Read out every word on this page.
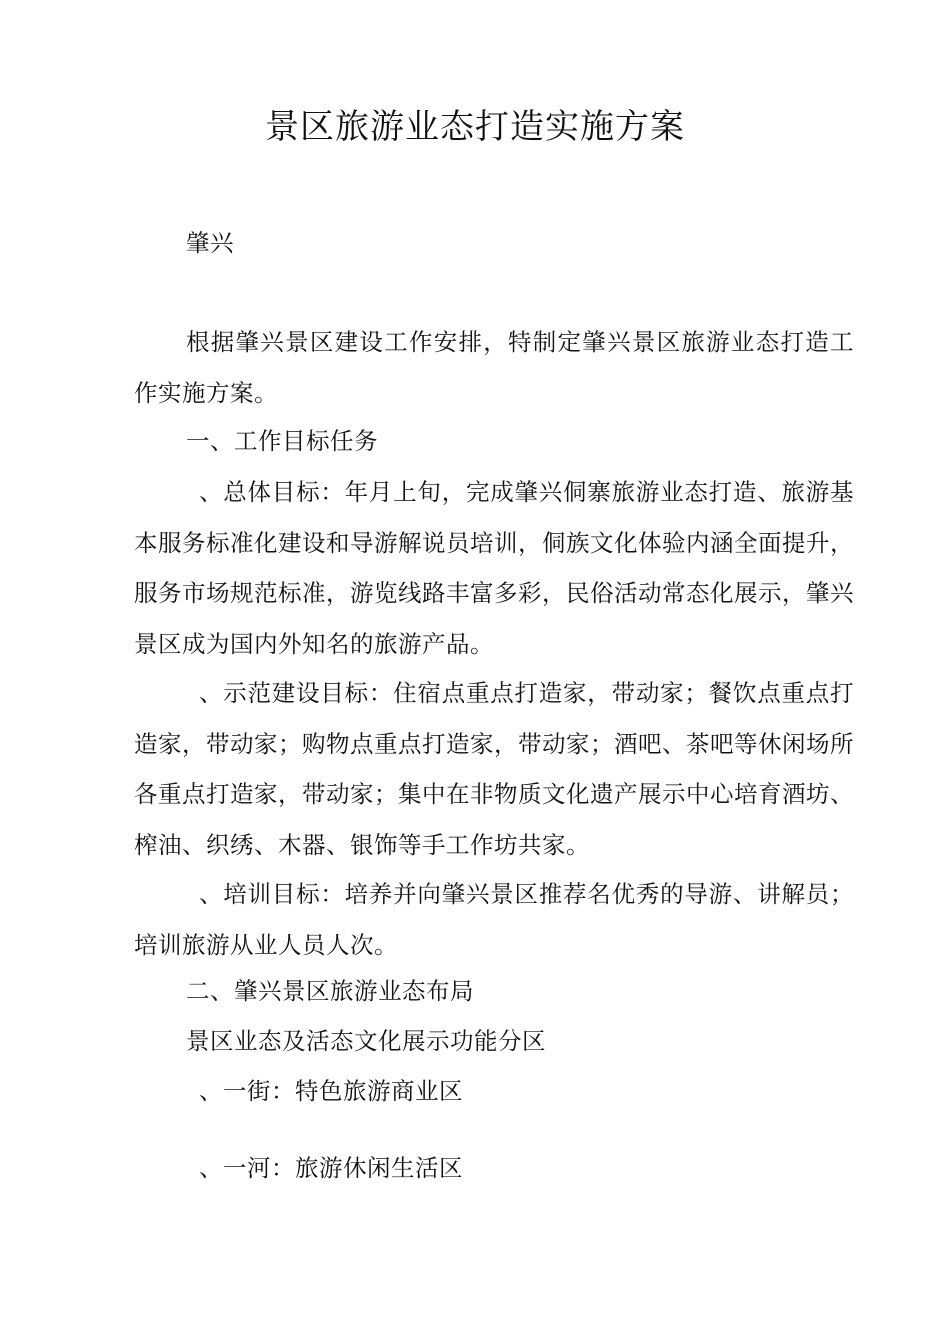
景区旅游业态打造实施方案
肇兴
根据肇兴景区建设工作安排，特制定肇兴景区旅游业态打造工作实施方案。
一、工作目标任务
、总体目标：年月上旬，完成肇兴侗寨旅游业态打造、旅游基本服务标准化建设和导游解说员培训，侗族文化体验内涵全面提升，服务市场规范标准，游览线路丰富多彩，民俗活动常态化展示，肇兴景区成为国内外知名的旅游产品。
、示范建设目标：住宿点重点打造家，带动家；餐饮点重点打造家，带动家；购物点重点打造家，带动家；酒吧、茶吧等休闲场所各重点打造家，带动家；集中在非物质文化遗产展示中心培育酒坊、榨油、织绣、木器、银饰等手工作坊共家。
、培训目标：培养并向肇兴景区推荐名优秀的导游、讲解员；培训旅游从业人员人次。
二、肇兴景区旅游业态布局
景区业态及活态文化展示功能分区
、一街：特色旅游商业区
、一河：旅游休闲生活区
